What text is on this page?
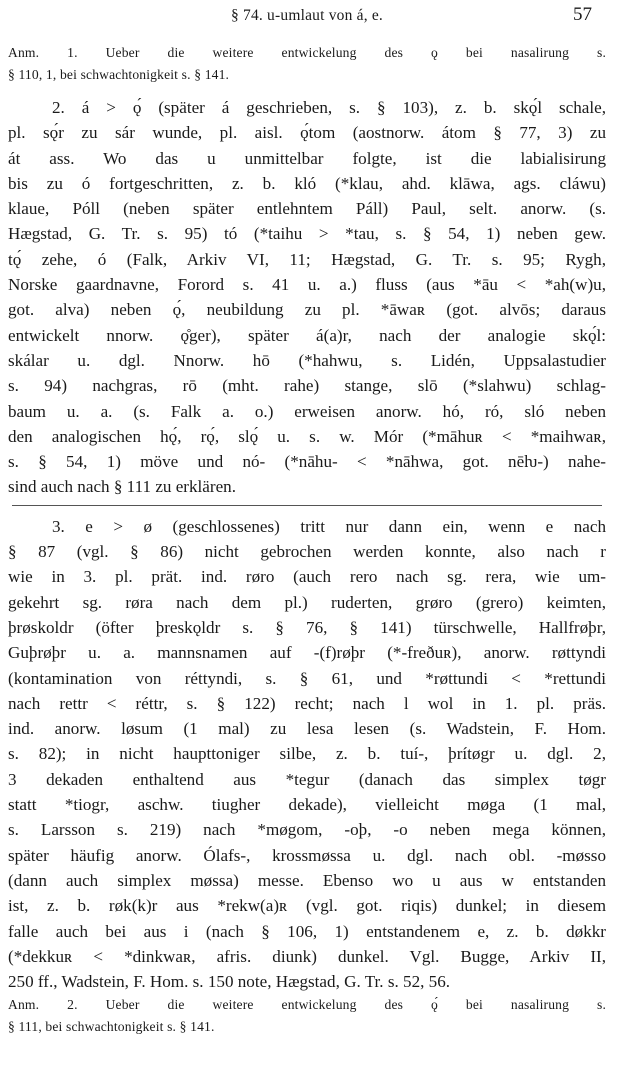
§ 74. u-umlaut von á, e.	57
Anm. 1. Ueber die weitere entwickelung des ǫ bei nasalirung s.
§ 110, 1, bei schwachtonigkeit s. § 141.
2. á > ǫ́ (später á geschrieben, s. § 103), z. b. skǫ́l schale,
pl. sǫ́r zu sár wunde, pl. aisl. ǫ́tom (aostnorw. átom § 77, 3) zu
át ass. Wo das u unmittelbar folgte, ist die labialisirung
bis zu ó fortgeschritten, z. b. kló (*klau, ahd. klāwa, ags. cláwu)
klaue, Póll (neben später entlehntem Páll) Paul, selt. anorw. (s.
Hægstad, G. Tr. s. 95) tó (*taihu > *tau, s. § 54, 1) neben gew.
tǫ́ zehe, ó (Falk, Arkiv VI, 11; Hægstad, G. Tr. s. 95; Rygh,
Norske gaardnavne, Forord s. 41 u. a.) fluss (aus *āu < *ah(w)u,
got. alva) neben ǫ́, neubildung zu pl. *āwaʀ (got. alvōs; daraus
entwickelt nnorw. ǫ̊ger), später á(a)r, nach der analogie skǫ́l:
skálar u. dgl. Nnorw. hō (*hahwu, s. Lidén, Uppsalastudier
s. 94) nachgras, rō (mht. rahe) stange, slō (*slahwu) schlag-
baum u. a. (s. Falk a. o.) erweisen anorw. hó, ró, sló neben
den analogischen hǫ́, rǫ́, slǫ́ u. s. w. Mór (*māhuʀ < *maihwaʀ,
s. § 54, 1) möve und nó- (*nāhu- < *nāhwa, got. nēƕ-) nahe-
sind auch nach § 111 zu erklären.
3. e > ø (geschlossenes) tritt nur dann ein, wenn e nach
§ 87 (vgl. § 86) nicht gebrochen werden konnte, also nach r
wie in 3. pl. prät. ind. røro (auch rero nach sg. rera, wie um-
gekehrt sg. røra nach dem pl.) ruderten, grøro (grero) keimten,
þrøskoldr (öfter þreskǫldr s. § 76, § 141) türschwelle, Hallfrøþr,
Guþrøþr u. a. mannsnamen auf -(f)røþr (*-freðuʀ), anorw. røttyndi
(kontamination von réttyndi, s. § 61, und *røttundi < *rettundi
nach rettr < réttr, s. § 122) recht; nach l wol in 1. pl. präs.
ind. anorw. løsum (1 mal) zu lesa lesen (s. Wadstein, F. Hom.
s. 82); in nicht haupttoniger silbe, z. b. tuí-, þrítøgr u. dgl. 2,
3 dekaden enthaltend aus *tegur (danach das simplex tøgr
statt *tiogr, aschw. tiugher dekade), vielleicht møga (1 mal,
s. Larsson s. 219) nach *møgom, -oþ, -o neben mega können,
später häufig anorw. Ólafs-, krossmøssa u. dgl. nach obl. -møsso
(dann auch simplex møssa) messe. Ebenso wo u aus w entstanden
ist, z. b. røk(k)r aus *rekw(a)ʀ (vgl. got. riqis) dunkel; in diesem
falle auch bei aus i (nach § 106, 1) entstandenem e, z. b. døkkr
(*dekkuʀ < *dinkwaʀ, afris. diunk) dunkel. Vgl. Bugge, Arkiv II,
250 ff., Wadstein, F. Hom. s. 150 note, Hægstad, G. Tr. s. 52, 56.
Anm. 2. Ueber die weitere entwickelung des ǫ́ bei nasalirung s.
§ 111, bei schwachtonigkeit s. § 141.
